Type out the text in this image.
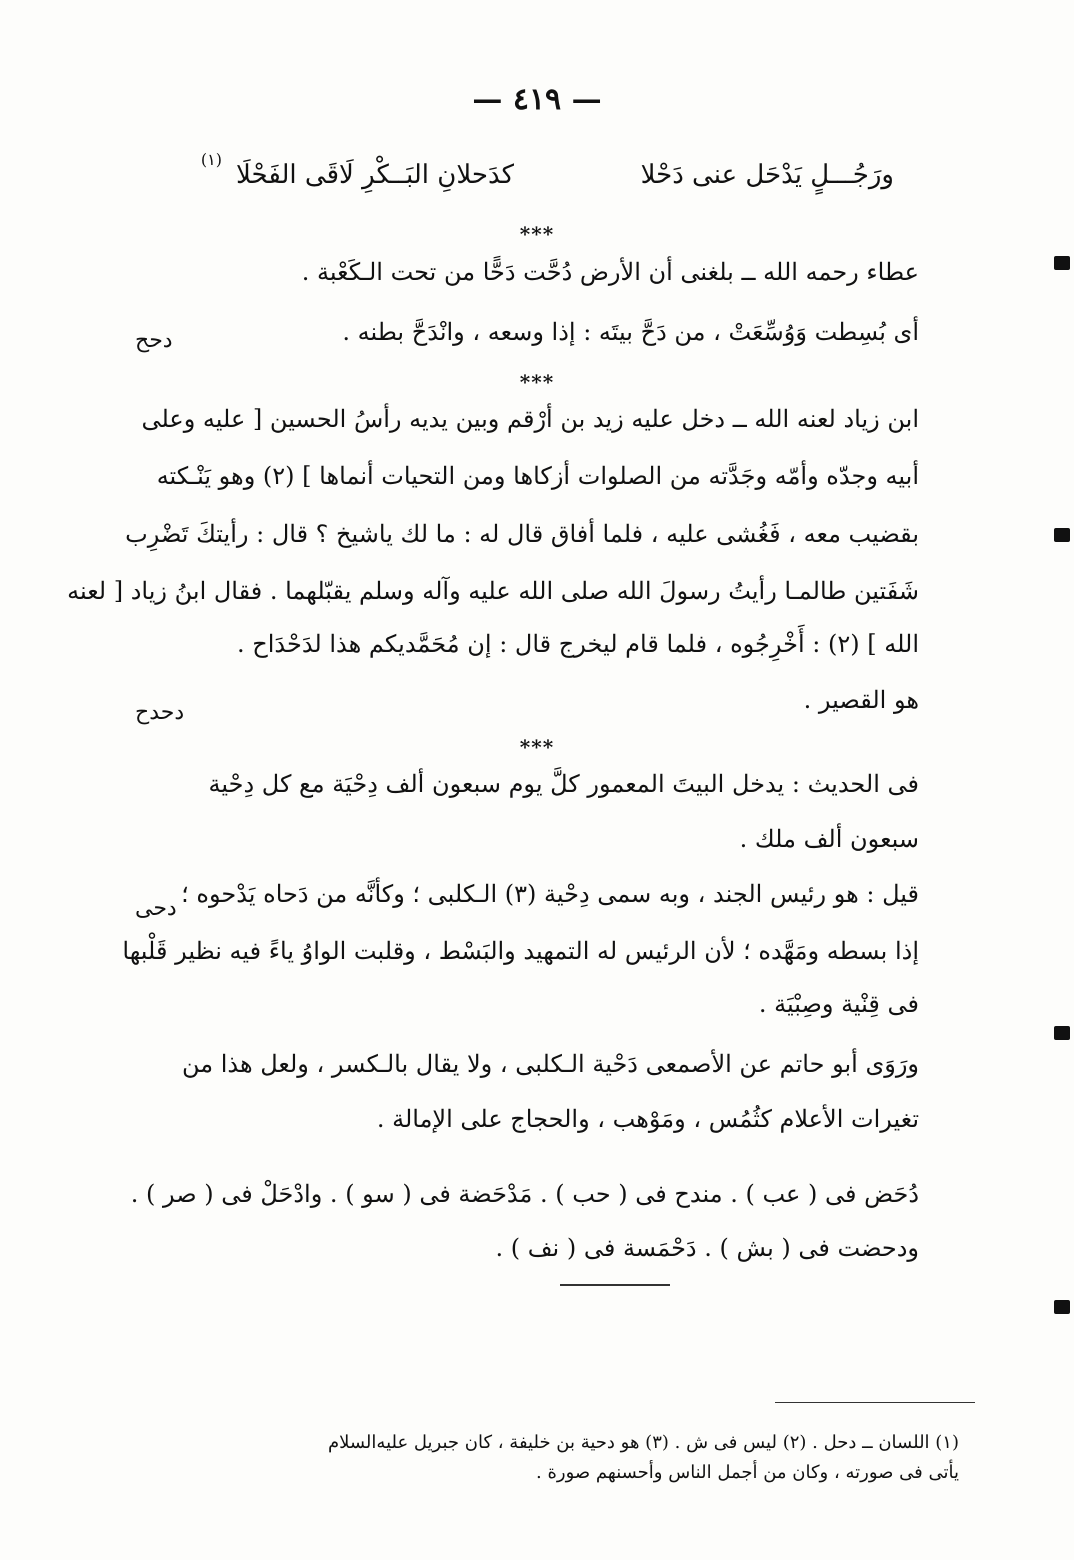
— ٤١٩ —
ورَجُـــلٍ يَدْحَل عنى دَحْلا
كدَحلانِ البَــكْرِ لَاقَى الفَحْلَا
(١)
***
عطاء رحمه الله ــ بلغنى أن الأرض دُحَّت دَحًّا من تحت الـكَعْبة .
أى بُسِطت وَوُسِّعَتْ ، من دَحَّ بيتَه : إذا وسعه ، وانْدَحَّ بطنه .
***
ابن زياد لعنه الله ــ دخل عليه زيد بن أرْقم وبين يديه رأسُ الحسين [ عليه وعلى
أبيه وجدّه وأمّه وجَدَّته من الصلوات أزكاها ومن التحيات أنماها ] (٢) وهو يَنْـكته
بقضيب معه ، فَغُشى عليه ، فلما أفاق قال له : ما لك ياشيخ ؟ قال : رأيتكَ تَضْرِب
شَفَتين طالمـا رأيتُ رسولَ الله صلى الله عليه وآله وسلم يقبّلهما . فقال ابنُ زياد [ لعنه
الله ] (٢) : أَخْرِجُوه ، فلما قام ليخرج قال : إن مُحَمَّديكم هذا لدَحْدَاح .
هو القصير .
***
فى الحديث : يدخل البيتَ المعمور كلَّ يوم سبعون ألف دِحْيَة مع كل دِحْية
سبعون ألف ملك .
قيل : هو رئيس الجند ، وبه سمى دِحْية (٣) الـكلبى ؛ وكأنَّه من دَحاه يَدْحوه ؛
إذا بسطه ومَهَّده ؛ لأن الرئيس له التمهيد والبَسْط ، وقلبت الواوُ ياءً فيه نظير قَلْبها
فى قِنْية وصِبْيَة .
ورَوَى أبو حاتم عن الأصمعى دَحْية الـكلبى ، ولا يقال بالـكسر ، ولعل هذا من
تغيرات الأعلام كثُمُس ، ومَوْهب ، والحجاج على الإمالة .
دُحَض فى ( عب ) . مندح فى ( حب ) . مَدْحَضة فى ( سو ) . وادْحَلْ فى ( صر ) .
ودحضت فى ( بش ) . دَحْمَسة فى ( نف ) .
دحح
دحدح
دحى
(١) اللسان ــ دحل . (٢) ليس فى ش . (٣) هو دحية بن خليفة ، كان جبريل عليه‌السلام
يأتى فى صورته ، وكان من أجمل الناس وأحسنهم صورة .
